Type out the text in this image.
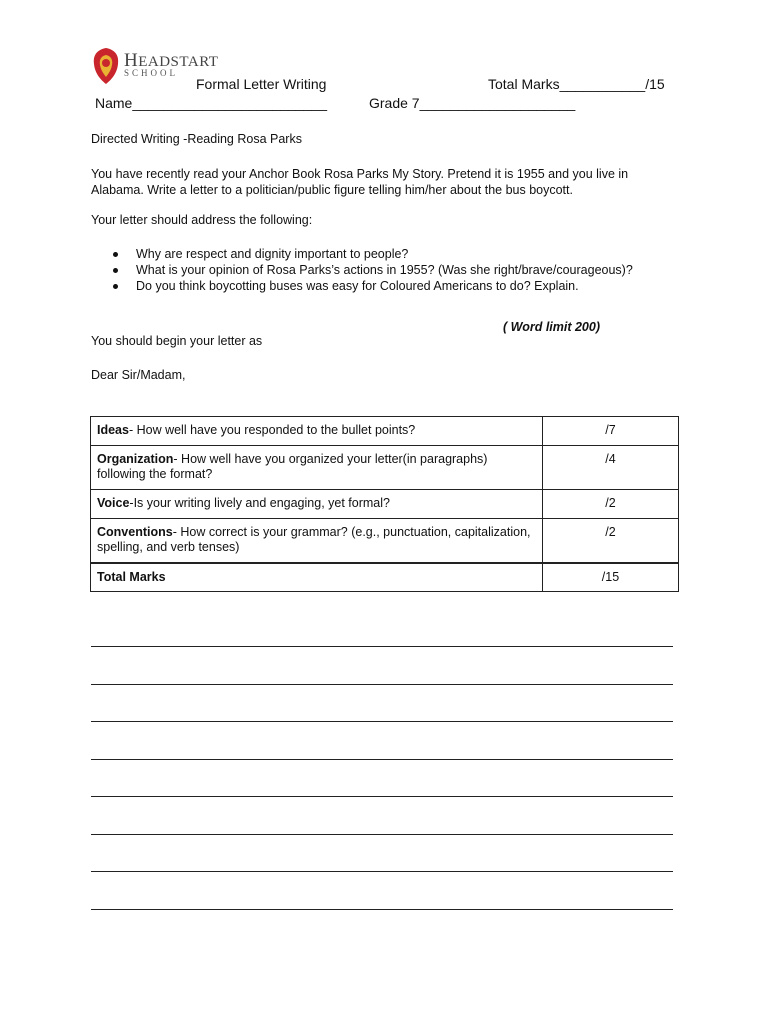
HEADSTART
SCHOOL
Formal Letter Writing	Total Marks___________/15
Name_________________________	Grade 7____________________
Directed Writing -Reading Rosa Parks
You have recently read your Anchor Book Rosa Parks My Story. Pretend it is 1955 and you live in Alabama. Write a letter to a politician/public figure telling him/her about the bus boycott.
Your letter should address the following:
Why are respect and dignity important to people?
What is your opinion of Rosa Parks’s actions in 1955? (Was she right/brave/courageous)?
Do you think boycotting buses was easy for Coloured Americans to do? Explain.
( Word limit 200)
You should begin your letter as
Dear Sir/Madam,
Ideas- How well have you responded to the bullet points?	/7
Organization- How well have you organized your letter(in paragraphs) following the format?	/4
Voice-Is your writing lively and engaging, yet formal?	/2
Conventions- How correct is your grammar? (e.g., punctuation, capitalization, spelling, and verb tenses)	/2
Total Marks	/15
